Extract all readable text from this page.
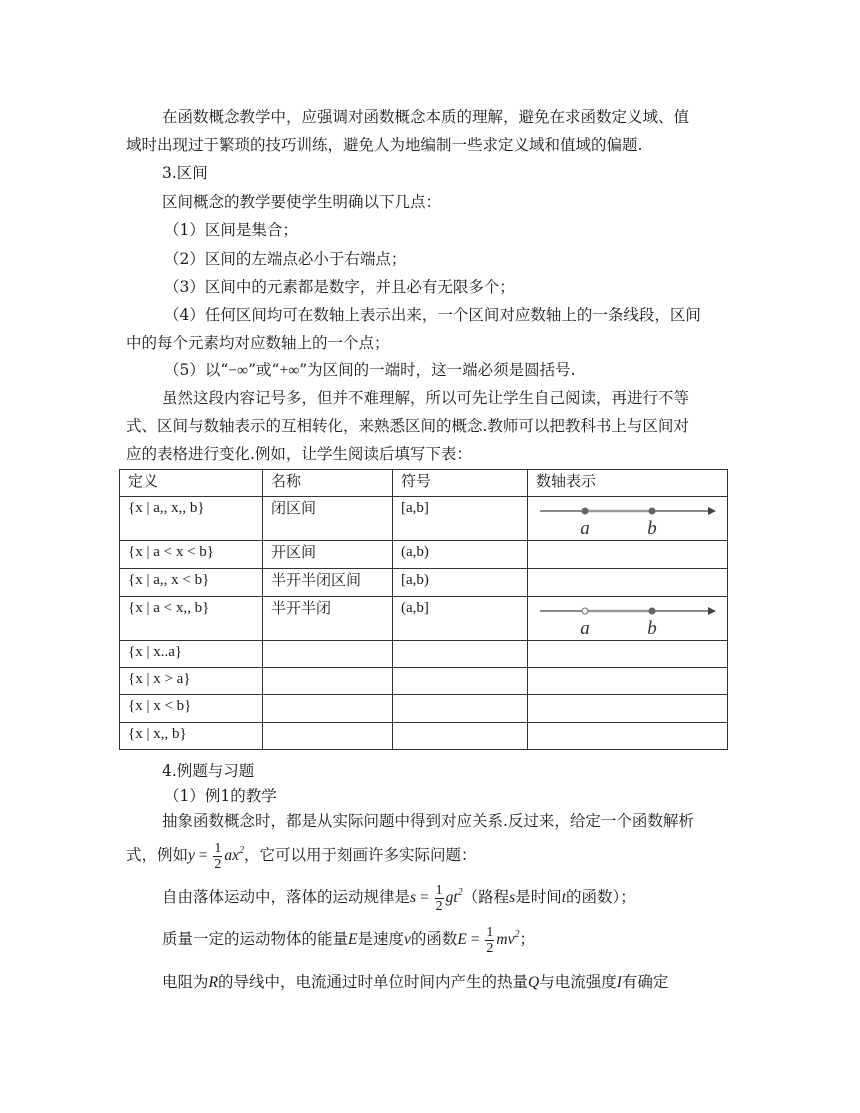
在函数概念教学中，应强调对函数概念本质的理解，避免在求函数定义域、值
域时出现过于繁琐的技巧训练，避免人为地编制一些求定义域和值域的偏题.
3.区间
区间概念的教学要使学生明确以下几点：
（1）区间是集合；
（2）区间的左端点必小于右端点；
（3）区间中的元素都是数字，并且必有无限多个；
（4）任何区间均可在数轴上表示出来，一个区间对应数轴上的一条线段，区间
中的每个元素均对应数轴上的一个点；
（5）以“−∞”或“+∞”为区间的一端时，这一端必须是圆括号.
虽然这段内容记号多，但并不难理解，所以可先让学生自己阅读，再进行不等
式、区间与数轴表示的互相转化，来熟悉区间的概念.教师可以把教科书上与区间对
应的表格进行变化.例如，让学生阅读后填写下表：
定义	名称	符号	数轴表示
{x | a,, x,, b}	闭区间	[a,b]	a b

{x | a < x < b}	开区间	(a,b)	
{x | a,, x < b}	半开半闭区间	[a,b)	
{x | a < x,, b}	半开半闭	(a,b]	a b

{x | x..a}			
{x | x > a}			
{x | x < b}			
{x | x,, b}			
4.例题与习题
（1）例1的教学
抽象函数概念时，都是从实际问题中得到对应关系.反过来，给定一个函数解析
式，例如$y = \frac{1}{2} ax^2$，它可以用于刻画许多实际问题：
自由落体运动中，落体的运动规律是$s = \frac{1}{2} gt^2$（路程s是时间t的函数）；
质量一定的运动物体的能量E是速度v的函数$E = \frac{1}{2} mv^2$；
电阻为R的导线中，电流通过时单位时间内产生的热量Q与电流强度I有确定
